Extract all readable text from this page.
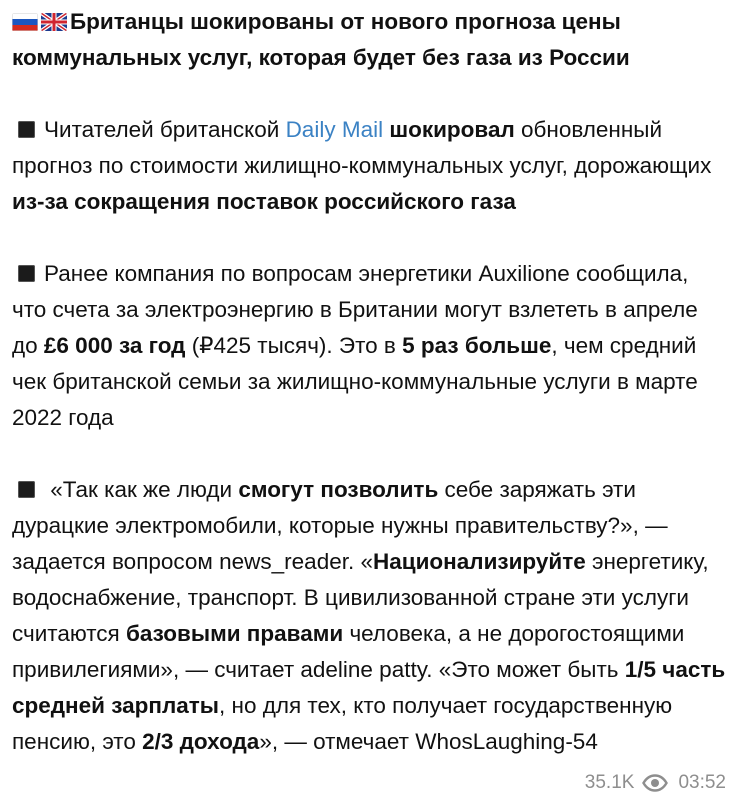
Британцы шокированы от нового прогноза цены
коммунальных услуг, которая будет без газа из России
Читателей британской Daily Mail шокировал обновленный прогноз по стоимости жилищно-коммунальных услуг, дорожающих из-за сокращения поставок российского газа
Ранее компания по вопросам энергетики Auxilione сообщила, что счета за электроэнергию в Британии могут взлететь в апреле до £6 000 за год (₽425 тысяч). Это в 5 раз больше, чем средний чек британской семьи за жилищно-коммунальные услуги в марте 2022 года
«Так как же люди смогут позволить себе заряжать эти дурацкие электромобили, которые нужны правительству?», — задается вопросом news_reader. «Национализируйте энергетику, водоснабжение, транспорт. В цивилизованной стране эти услуги считаются базовыми правами человека, а не дорогостоящими привилегиями», — считает adeline patty. «Это может быть 1/5 часть средней зарплаты, но для тех, кто получает государственную пенсию, это 2/3 дохода», — отмечает WhosLaughing-54
35.1K 03:52
